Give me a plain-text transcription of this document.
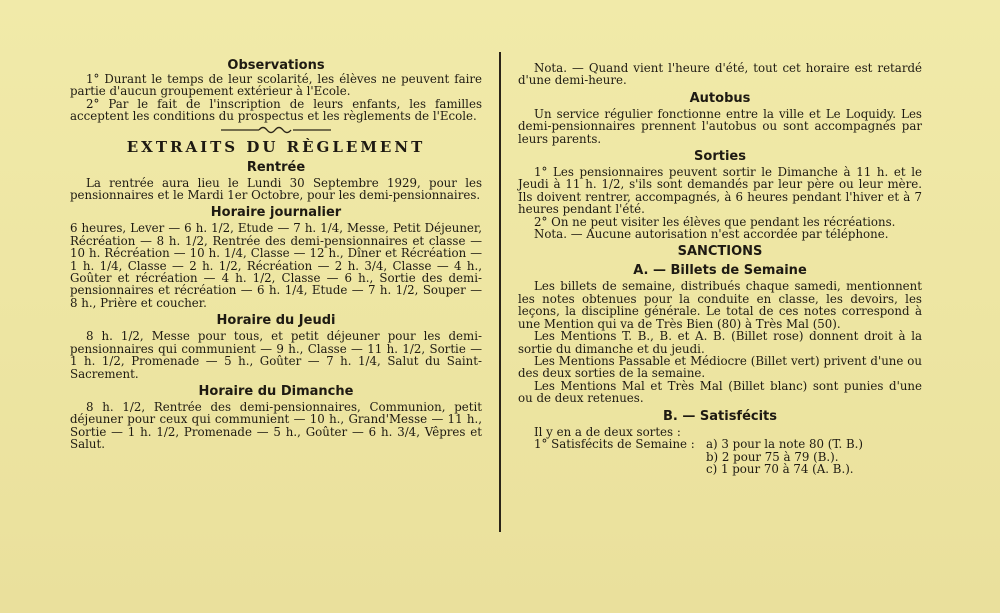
Observations

1° Durant le temps de leur scolarité, les élèves ne peuvent faire partie d'aucun groupement extérieur à l'Ecole.

2° Par le fait de l'inscription de leurs enfants, les familles acceptent les conditions du prospectus et les règlements de l'Ecole.

EXTRAITS DU RÈGLEMENT

Rentrée

La rentrée aura lieu le Lundi 30 Septembre 1929, pour les pensionnaires et le Mardi 1er Octobre, pour les demi-pensionnaires.

Horaire journalier

6 heures, Lever — 6 h. 1/2, Etude — 7 h. 1/4, Messe, Petit Déjeuner, Récréation — 8 h. 1/2, Rentrée des demi-pensionnaires et classe — 10 h. Récréation — 10 h. 1/4, Classe — 12 h., Dîner et Récréation — 1 h. 1/4, Classe — 2 h. 1/2, Récréation — 2 h. 3/4, Classe — 4 h., Goûter et récréation — 4 h. 1/2, Classe — 6 h., Sortie des demi-pensionnaires et récréation — 6 h. 1/4, Etude — 7 h. 1/2, Souper — 8 h., Prière et coucher.

Horaire du Jeudi

8 h. 1/2, Messe pour tous, et petit déjeuner pour les demi-pensionnaires qui communient — 9 h., Classe — 11 h. 1/2, Sortie — 1 h. 1/2, Promenade — 5 h., Goûter — 7 h. 1/4, Salut du Saint-Sacrement.

Horaire du Dimanche

8 h. 1/2, Rentrée des demi-pensionnaires, Communion, petit déjeuner pour ceux qui communient — 10 h., Grand'Messe — 11 h., Sortie — 1 h. 1/2, Promenade — 5 h., Goûter — 6 h. 3/4, Vêpres et Salut.

Nota. — Quand vient l'heure d'été, tout cet horaire est retardé d'une demi-heure.

Autobus

Un service régulier fonctionne entre la ville et Le Loquidy. Les demi-pensionnaires prennent l'autobus ou sont accompagnés par leurs parents.

Sorties

1° Les pensionnaires peuvent sortir le Dimanche à 11 h. et le Jeudi à 11 h. 1/2, s'ils sont demandés par leur père ou leur mère. Ils doivent rentrer, accompagnés, à 6 heures pendant l'hiver et à 7 heures pendant l'été.

2° On ne peut visiter les élèves que pendant les récréations.

Nota. — Aucune autorisation n'est accordée par téléphone.

SANCTIONS

A. — Billets de Semaine

Les billets de semaine, distribués chaque samedi, mentionnent les notes obtenues pour la conduite en classe, les devoirs, les leçons, la discipline générale. Le total de ces notes correspond à une Mention qui va de Très Bien (80) à Très Mal (50).

Les Mentions T. B., B. et A. B. (Billet rose) donnent droit à la sortie du dimanche et du jeudi.

Les Mentions Passable et Médiocre (Billet vert) privent d'une ou des deux sorties de la semaine.

Les Mentions Mal et Très Mal (Billet blanc) sont punies d'une ou de deux retenues.

B. — Satisfécits

Il y en a de deux sortes :

1° Satisfécits de Semaine : a) 3 pour la note 80 (T. B.)

b) 2 pour 75 à 79 (B.).

c) 1 pour 70 à 74 (A. B.).
